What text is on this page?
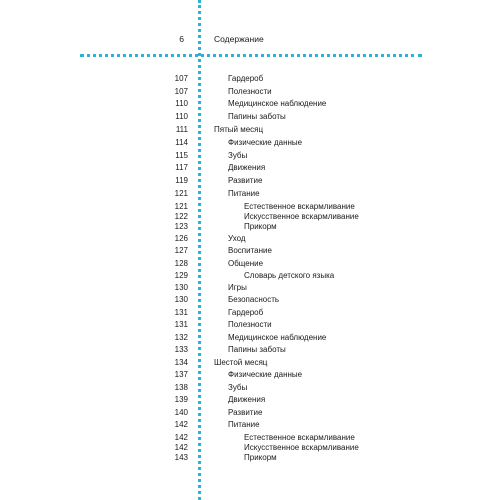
6	Содержание
107	Гардероб
107	Полезности
110	Медицинское наблюдение
110	Папины заботы
111	Пятый месяц
114	Физические данные
115	Зубы
117	Движения
119	Развитие
121	Питание
121	Естественное вскармливание
122	Искусственное вскармливание
123	Прикорм
126	Уход
127	Воспитание
128	Общение
129	Словарь детского языка
130	Игры
130	Безопасность
131	Гардероб
131	Полезности
132	Медицинское наблюдение
133	Папины заботы
134	Шестой месяц
137	Физические данные
138	Зубы
139	Движения
140	Развитие
142	Питание
142	Естественное вскармливание
142	Искусственное вскармливание
143	Прикорм
